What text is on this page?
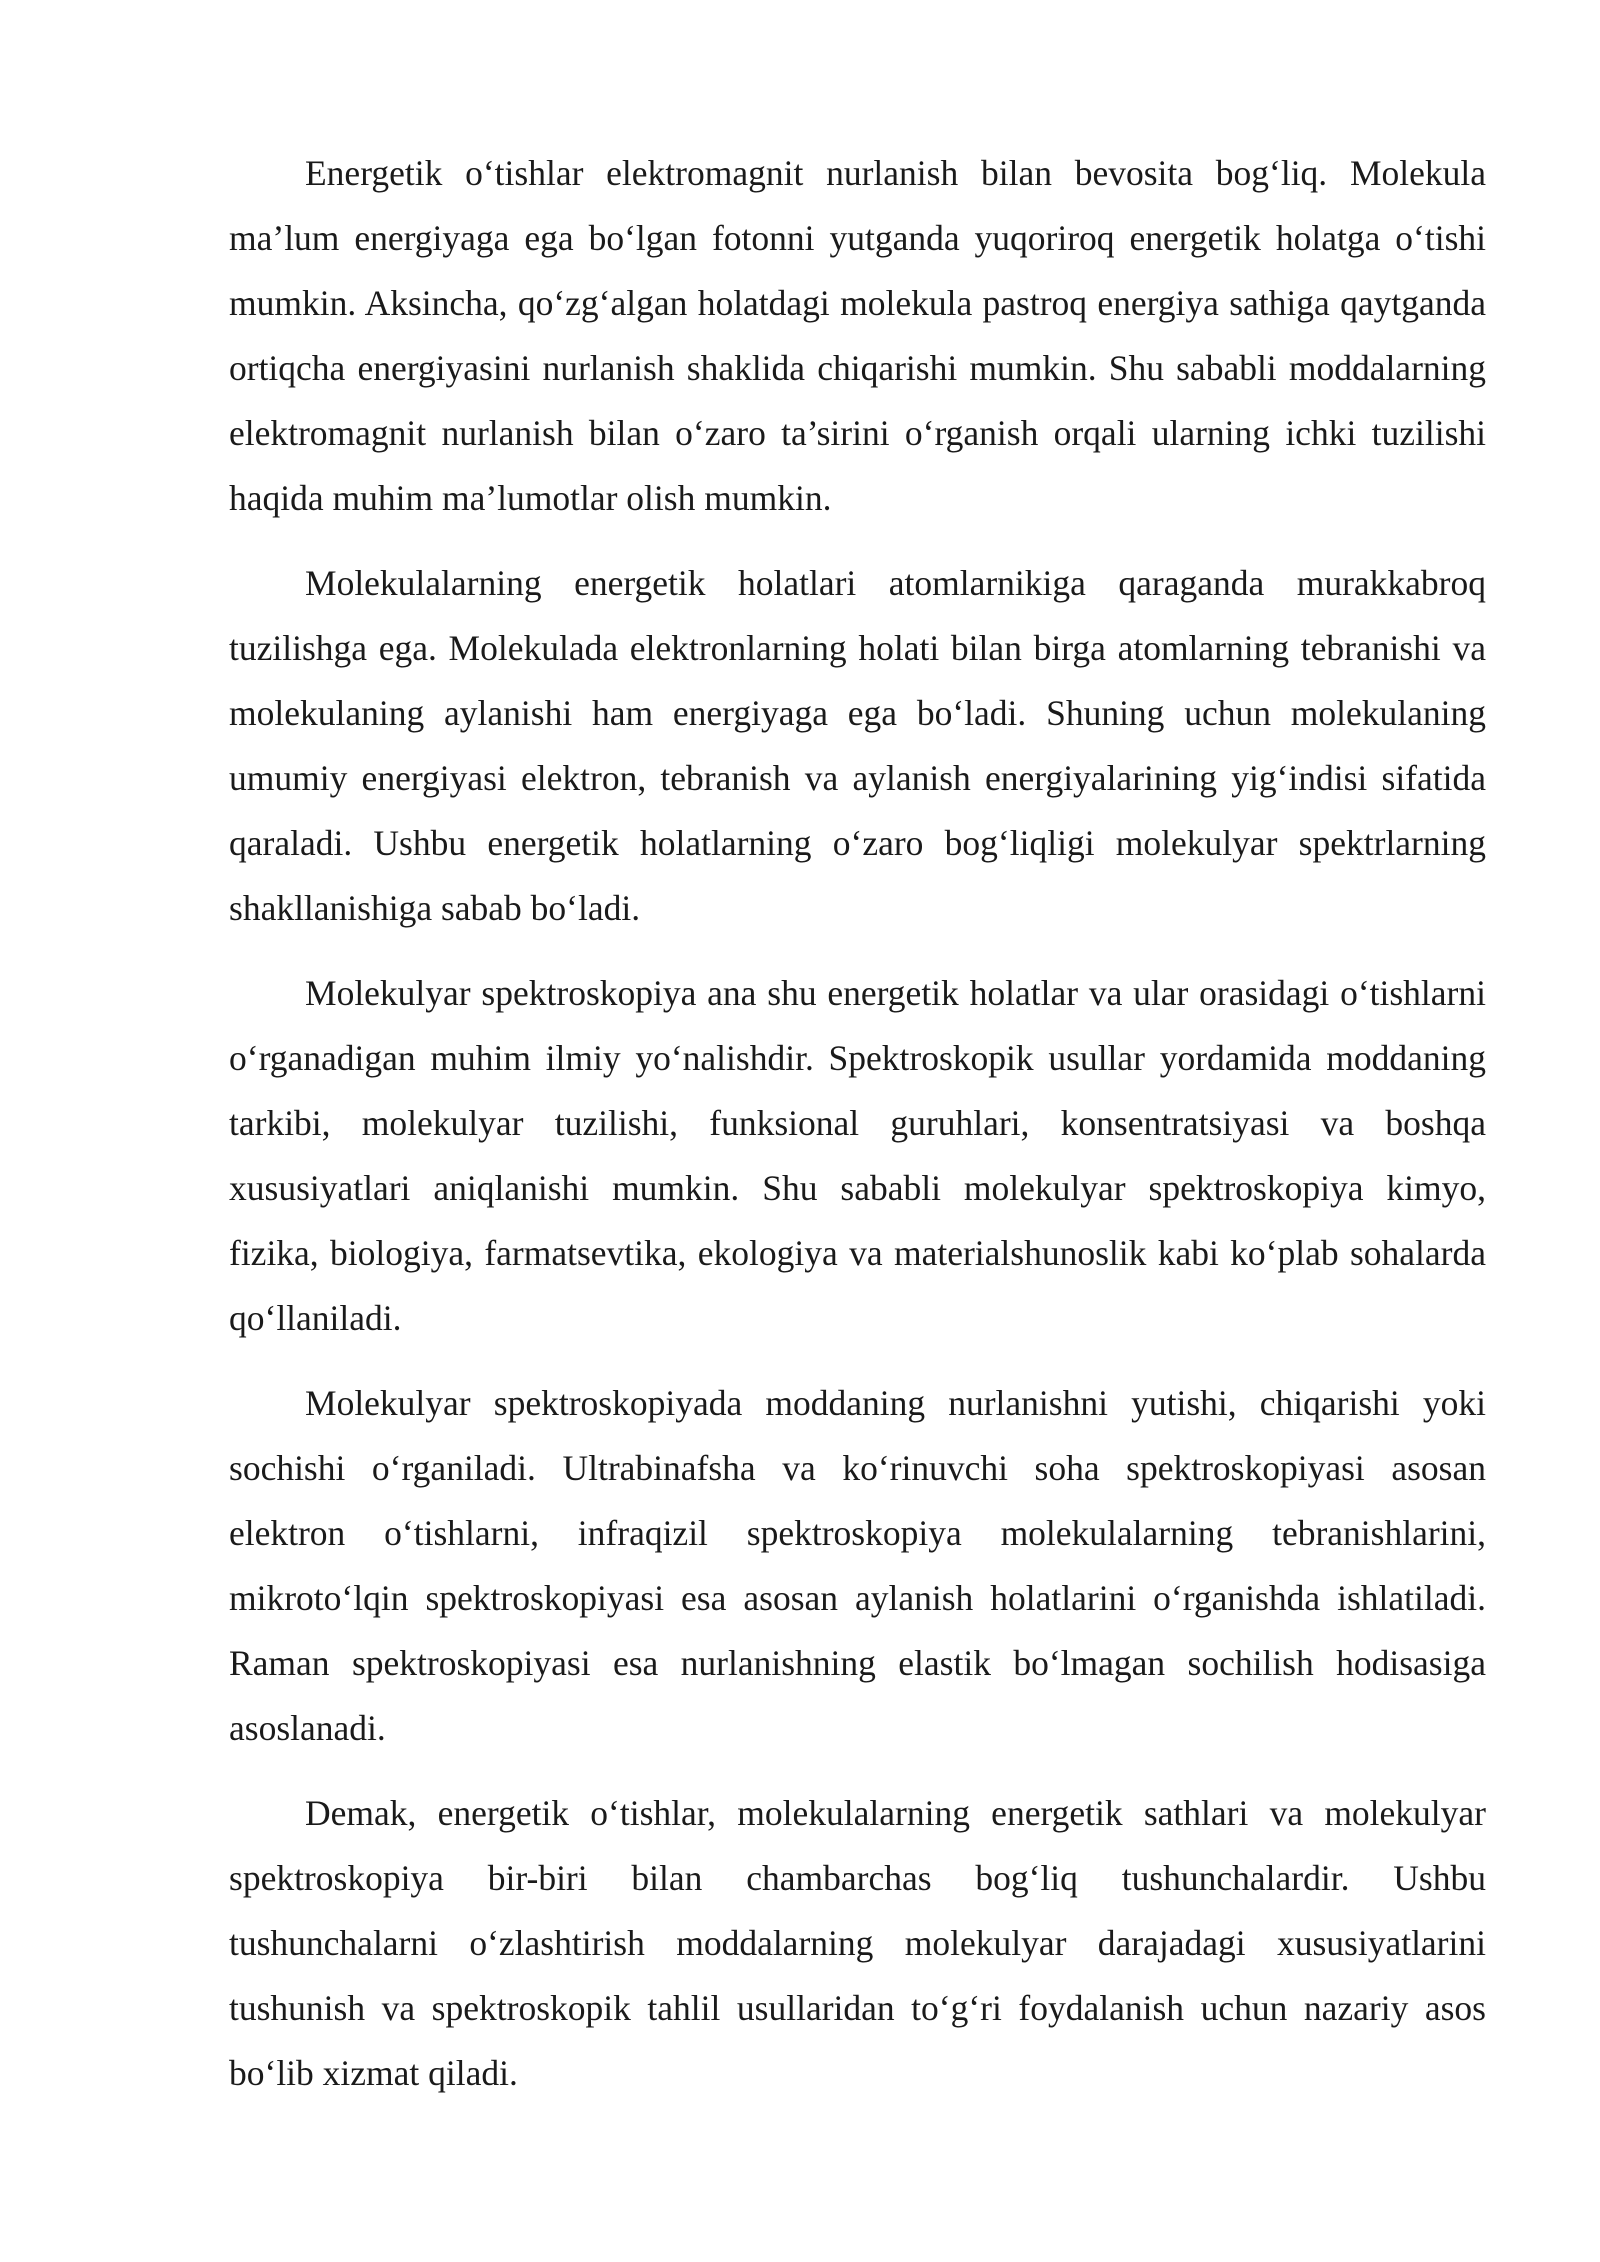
Energetik o‘tishlar elektromagnit nurlanish bilan bevosita bog‘liq. Molekula ma’lum energiyaga ega bo‘lgan fotonni yutganda yuqoriroq energetik holatga o‘tishi mumkin. Aksincha, qo‘zg‘algan holatdagi molekula pastroq energiya sathiga qaytganda ortiqcha energiyasini nurlanish shaklida chiqarishi mumkin. Shu sababli moddalarning elektromagnit nurlanish bilan o‘zaro ta’sirini o‘rganish orqali ularning ichki tuzilishi haqida muhim ma’lumotlar olish mumkin.

Molekulalarning energetik holatlari atomlarnikiga qaraganda murakkabroq tuzilishga ega. Molekulada elektronlarning holati bilan birga atomlarning tebranishi va molekulaning aylanishi ham energiyaga ega bo‘ladi. Shuning uchun molekulaning umumiy energiyasi elektron, tebranish va aylanish energiyalarining yig‘indisi sifatida qaraladi. Ushbu energetik holatlarning o‘zaro bog‘liqligi molekulyar spektrlarning shakllanishiga sabab bo‘ladi.

Molekulyar spektroskopiya ana shu energetik holatlar va ular orasidagi o‘tishlarni o‘rganadigan muhim ilmiy yo‘nalishdir. Spektroskopik usullar yordamida moddaning tarkibi, molekulyar tuzilishi, funksional guruhlari, konsentratsiyasi va boshqa xususiyatlari aniqlanishi mumkin. Shu sababli molekulyar spektroskopiya kimyo, fizika, biologiya, farmatsevtika, ekologiya va materialshunoslik kabi ko‘plab sohalarda qo‘llaniladi.

Molekulyar spektroskopiyada moddaning nurlanishni yutishi, chiqarishi yoki sochishi o‘rganiladi. Ultrabinafsha va ko‘rinuvchi soha spektroskopiyasi asosan elektron o‘tishlarni, infraqizil spektroskopiya molekulalarning tebranishlarini, mikroto‘lqin spektroskopiyasi esa asosan aylanish holatlarini o‘rganishda ishlatiladi. Raman spektroskopiyasi esa nurlanishning elastik bo‘lmagan sochilish hodisasiga asoslanadi.

Demak, energetik o‘tishlar, molekulalarning energetik sathlari va molekulyar spektroskopiya bir-biri bilan chambarchas bog‘liq tushunchalardir. Ushbu tushunchalarni o‘zlashtirish moddalarning molekulyar darajadagi xususiyatlarini tushunish va spektroskopik tahlil usullaridan to‘g‘ri foydalanish uchun nazariy asos bo‘lib xizmat qiladi.
